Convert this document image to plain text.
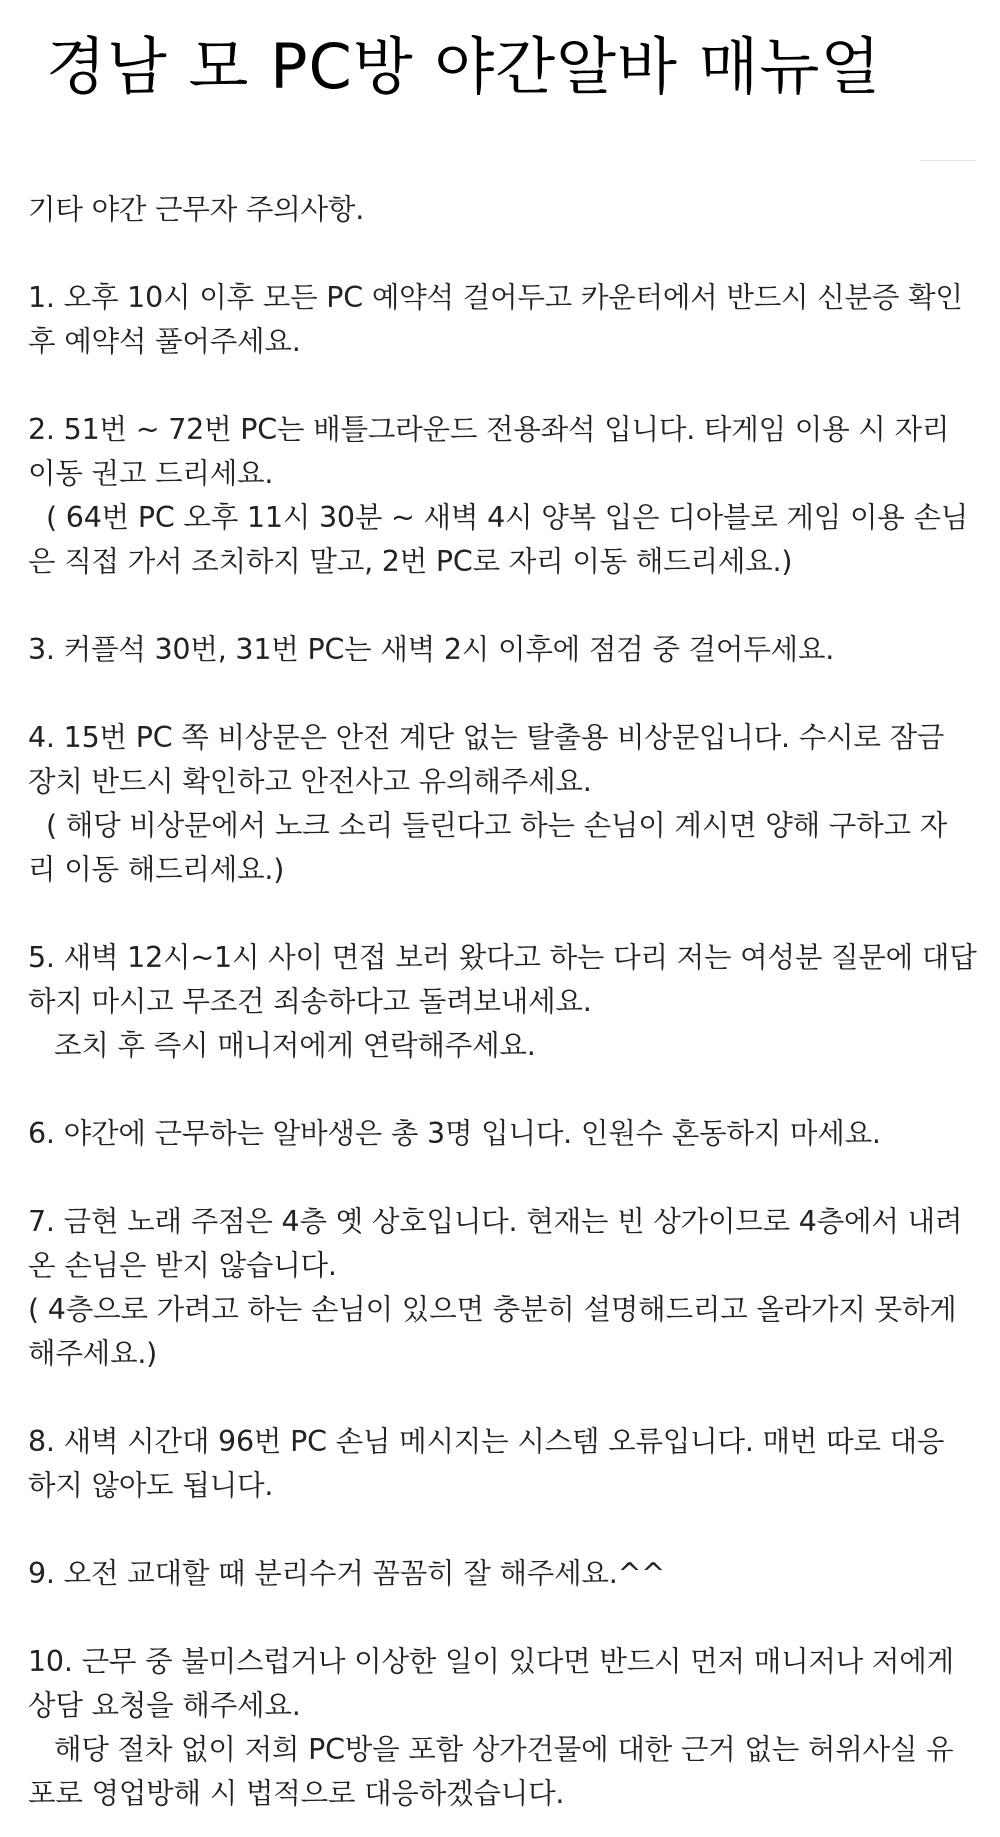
경남 모 PC방 야간알바 매뉴얼

기타 야간 근무자 주의사항.

1. 오후 10시 이후 모든 PC 예약석 걸어두고 카운터에서 반드시 신분증 확인

후 예약석 풀어주세요.

2. 51번 ~ 72번 PC는 배틀그라운드 전용좌석 입니다. 타게임 이용 시 자리

이동 권고 드리세요.

( 64번 PC 오후 11시 30분 ~ 새벽 4시 양복 입은 디아블로 게임 이용 손님

은 직접 가서 조치하지 말고, 2번 PC로 자리 이동 해드리세요.)

3. 커플석 30번, 31번 PC는 새벽 2시 이후에 점검 중 걸어두세요.

4. 15번 PC 쪽 비상문은 안전 계단 없는 탈출용 비상문입니다. 수시로 잠금

장치 반드시 확인하고 안전사고 유의해주세요.

( 해당 비상문에서 노크 소리 들린다고 하는 손님이 계시면 양해 구하고 자

리 이동 해드리세요.)

5. 새벽 12시~1시 사이 면접 보러 왔다고 하는 다리 저는 여성분 질문에 대답

하지 마시고 무조건 죄송하다고 돌려보내세요.

조치 후 즉시 매니저에게 연락해주세요.

6. 야간에 근무하는 알바생은 총 3명 입니다. 인원수 혼동하지 마세요.

7. 금현 노래 주점은 4층 옛 상호입니다. 현재는 빈 상가이므로 4층에서 내려

온 손님은 받지 않습니다.

( 4층으로 가려고 하는 손님이 있으면 충분히 설명해드리고 올라가지 못하게

해주세요.)

8. 새벽 시간대 96번 PC 손님 메시지는 시스템 오류입니다. 매번 따로 대응

하지 않아도 됩니다.

9. 오전 교대할 때 분리수거 꼼꼼히 잘 해주세요.^^

10. 근무 중 불미스럽거나 이상한 일이 있다면 반드시 먼저 매니저나 저에게

상담 요청을 해주세요.

해당 절차 없이 저희 PC방을 포함 상가건물에 대한 근거 없는 허위사실 유

포로 영업방해 시 법적으로 대응하겠습니다.
